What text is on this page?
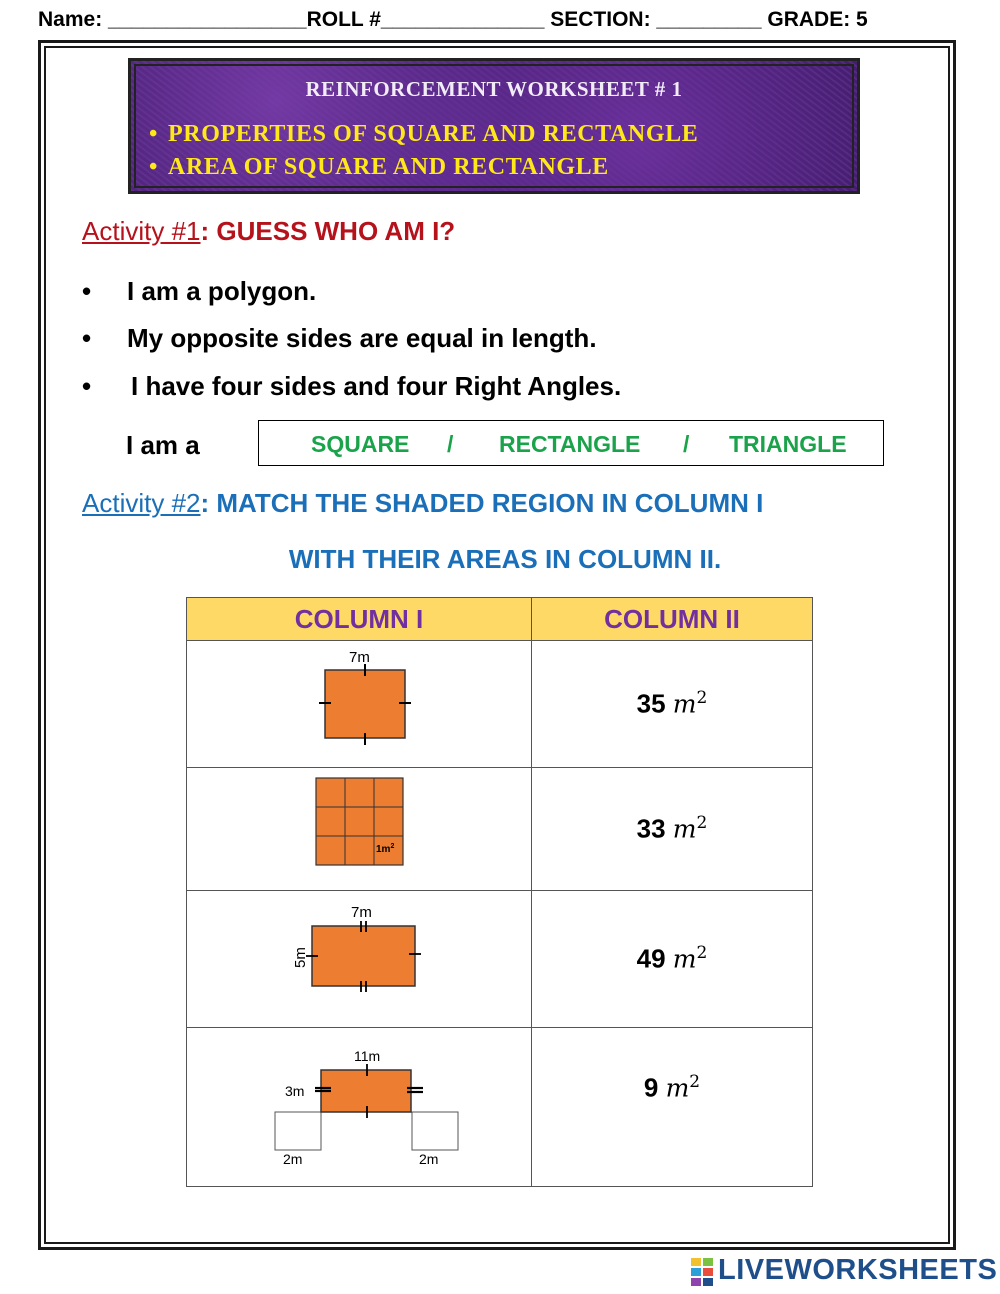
Name: _________________ROLL #______________ SECTION: _________ GRADE: 5
REINFORCEMENT WORKSHEET # 1
• PROPERTIES OF SQUARE AND RECTANGLE
• AREA OF SQUARE AND RECTANGLE
Activity #1: GUESS WHO AM I?
• I am a polygon.
• My opposite sides are equal in length.
• I have four sides and four Right Angles.
I am a	SQUARE / RECTANGLE / TRIANGLE
Activity #2: MATCH THE SHADED REGION IN COLUMN I
WITH THEIR AREAS IN COLUMN II.
COLUMN I	COLUMN II

7m	35 $m^2$

$1m^2$	33 $m^2$

7m
5m	49 $m^2$

11m
3m
2m 2m	9 $m^2$
LIVEWORKSHEETS
